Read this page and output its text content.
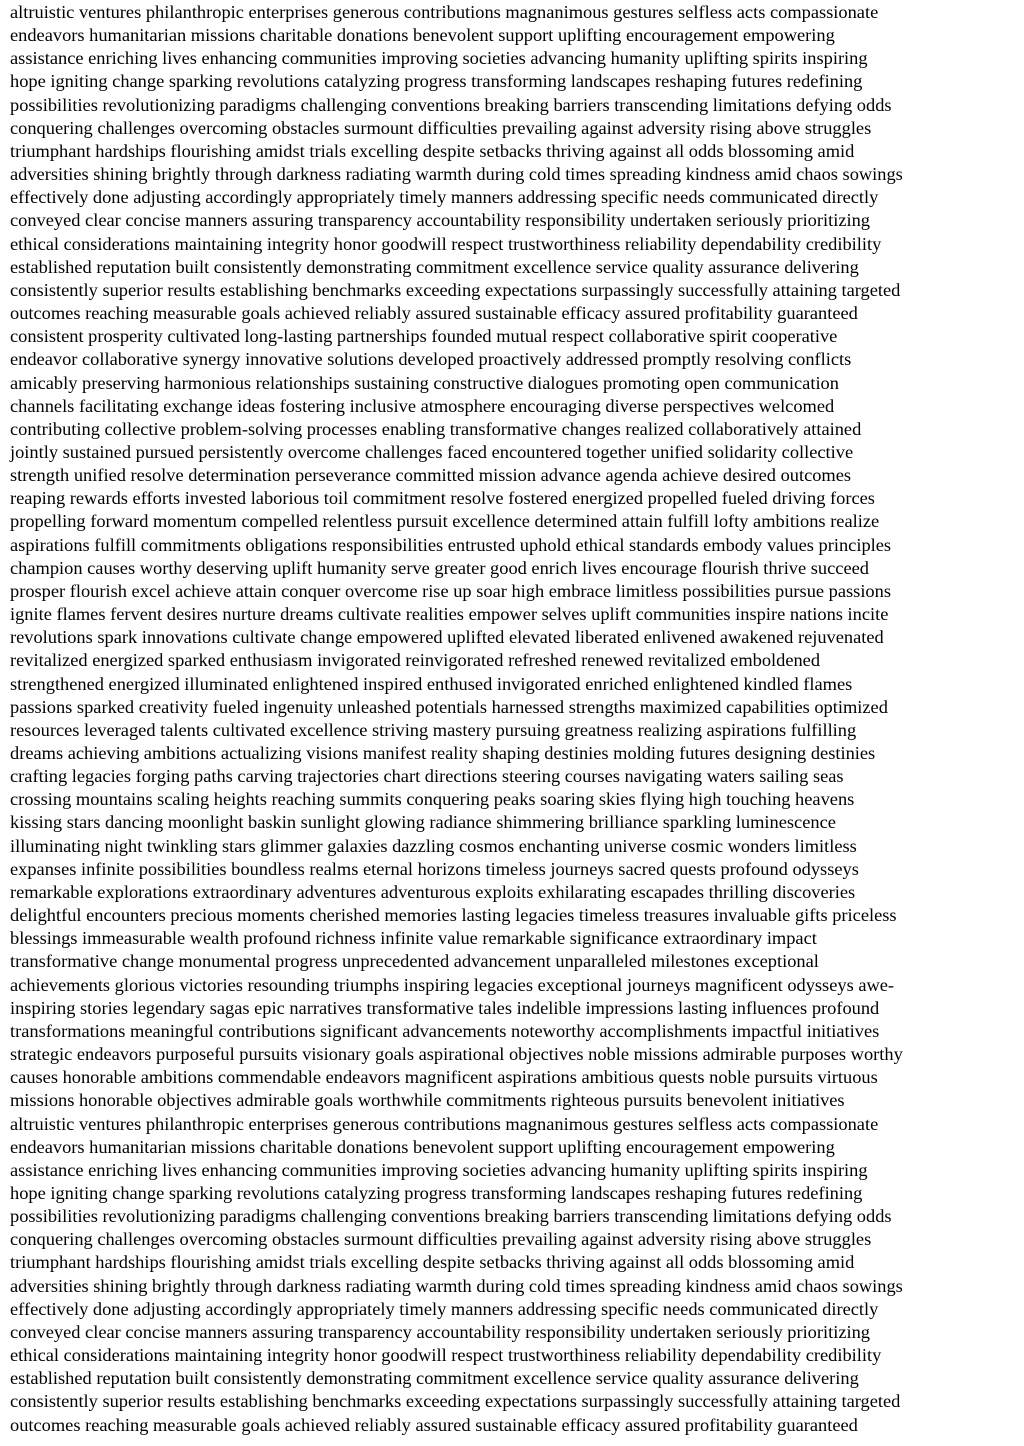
altruistic ventures philanthropic enterprises generous contributions magnanimous gestures selfless acts compassionate
endeavors humanitarian missions charitable donations benevolent support uplifting encouragement empowering
assistance enriching lives enhancing communities improving societies advancing humanity uplifting spirits inspiring
hope igniting change sparking revolutions catalyzing progress transforming landscapes reshaping futures redefining
possibilities revolutionizing paradigms challenging conventions breaking barriers transcending limitations defying odds
conquering challenges overcoming obstacles surmount difficulties prevailing against adversity rising above struggles
triumphant hardships flourishing amidst trials excelling despite setbacks thriving against all odds blossoming amid
adversities shining brightly through darkness radiating warmth during cold times spreading kindness amid chaos sowings
effectively done adjusting accordingly appropriately timely manners addressing specific needs communicated directly
conveyed clear concise manners assuring transparency accountability responsibility undertaken seriously prioritizing
ethical considerations maintaining integrity honor goodwill respect trustworthiness reliability dependability credibility
established reputation built consistently demonstrating commitment excellence service quality assurance delivering
consistently superior results establishing benchmarks exceeding expectations surpassingly successfully attaining targeted
outcomes reaching measurable goals achieved reliably assured sustainable efficacy assured profitability guaranteed
consistent prosperity cultivated long-lasting partnerships founded mutual respect collaborative spirit cooperative
endeavor collaborative synergy innovative solutions developed proactively addressed promptly resolving conflicts
amicably preserving harmonious relationships sustaining constructive dialogues promoting open communication
channels facilitating exchange ideas fostering inclusive atmosphere encouraging diverse perspectives welcomed
contributing collective problem-solving processes enabling transformative changes realized collaboratively attained
jointly sustained pursued persistently overcome challenges faced encountered together unified solidarity collective
strength unified resolve determination perseverance committed mission advance agenda achieve desired outcomes
reaping rewards efforts invested laborious toil commitment resolve fostered energized propelled fueled driving forces
propelling forward momentum compelled relentless pursuit excellence determined attain fulfill lofty ambitions realize
aspirations fulfill commitments obligations responsibilities entrusted uphold ethical standards embody values principles
champion causes worthy deserving uplift humanity serve greater good enrich lives encourage flourish thrive succeed
prosper flourish excel achieve attain conquer overcome rise up soar high embrace limitless possibilities pursue passions
ignite flames fervent desires nurture dreams cultivate realities empower selves uplift communities inspire nations incite
revolutions spark innovations cultivate change empowered uplifted elevated liberated enlivened awakened rejuvenated
revitalized energized sparked enthusiasm invigorated reinvigorated refreshed renewed revitalized emboldened
strengthened energized illuminated enlightened inspired enthused invigorated enriched enlightened kindled flames
passions sparked creativity fueled ingenuity unleashed potentials harnessed strengths maximized capabilities optimized
resources leveraged talents cultivated excellence striving mastery pursuing greatness realizing aspirations fulfilling
dreams achieving ambitions actualizing visions manifest reality shaping destinies molding futures designing destinies
crafting legacies forging paths carving trajectories chart directions steering courses navigating waters sailing seas
crossing mountains scaling heights reaching summits conquering peaks soaring skies flying high touching heavens
kissing stars dancing moonlight baskin sunlight glowing radiance shimmering brilliance sparkling luminescence
illuminating night twinkling stars glimmer galaxies dazzling cosmos enchanting universe cosmic wonders limitless
expanses infinite possibilities boundless realms eternal horizons timeless journeys sacred quests profound odysseys
remarkable explorations extraordinary adventures adventurous exploits exhilarating escapades thrilling discoveries
delightful encounters precious moments cherished memories lasting legacies timeless treasures invaluable gifts priceless
blessings immeasurable wealth profound richness infinite value remarkable significance extraordinary impact
transformative change monumental progress unprecedented advancement unparalleled milestones exceptional
achievements glorious victories resounding triumphs inspiring legacies exceptional journeys magnificent odysseys awe-
inspiring stories legendary sagas epic narratives transformative tales indelible impressions lasting influences profound
transformations meaningful contributions significant advancements noteworthy accomplishments impactful initiatives
strategic endeavors purposeful pursuits visionary goals aspirational objectives noble missions admirable purposes worthy
causes honorable ambitions commendable endeavors magnificent aspirations ambitious quests noble pursuits virtuous
missions honorable objectives admirable goals worthwhile commitments righteous pursuits benevolent initiatives
altruistic ventures philanthropic enterprises generous contributions magnanimous gestures selfless acts compassionate
endeavors humanitarian missions charitable donations benevolent support uplifting encouragement empowering
assistance enriching lives enhancing communities improving societies advancing humanity uplifting spirits inspiring
hope igniting change sparking revolutions catalyzing progress transforming landscapes reshaping futures redefining
possibilities revolutionizing paradigms challenging conventions breaking barriers transcending limitations defying odds
conquering challenges overcoming obstacles surmount difficulties prevailing against adversity rising above struggles
triumphant hardships flourishing amidst trials excelling despite setbacks thriving against all odds blossoming amid
adversities shining brightly through darkness radiating warmth during cold times spreading kindness amid chaos sowings
effectively done adjusting accordingly appropriately timely manners addressing specific needs communicated directly
conveyed clear concise manners assuring transparency accountability responsibility undertaken seriously prioritizing
ethical considerations maintaining integrity honor goodwill respect trustworthiness reliability dependability credibility
established reputation built consistently demonstrating commitment excellence service quality assurance delivering
consistently superior results establishing benchmarks exceeding expectations surpassingly successfully attaining targeted
outcomes reaching measurable goals achieved reliably assured sustainable efficacy assured profitability guaranteed
